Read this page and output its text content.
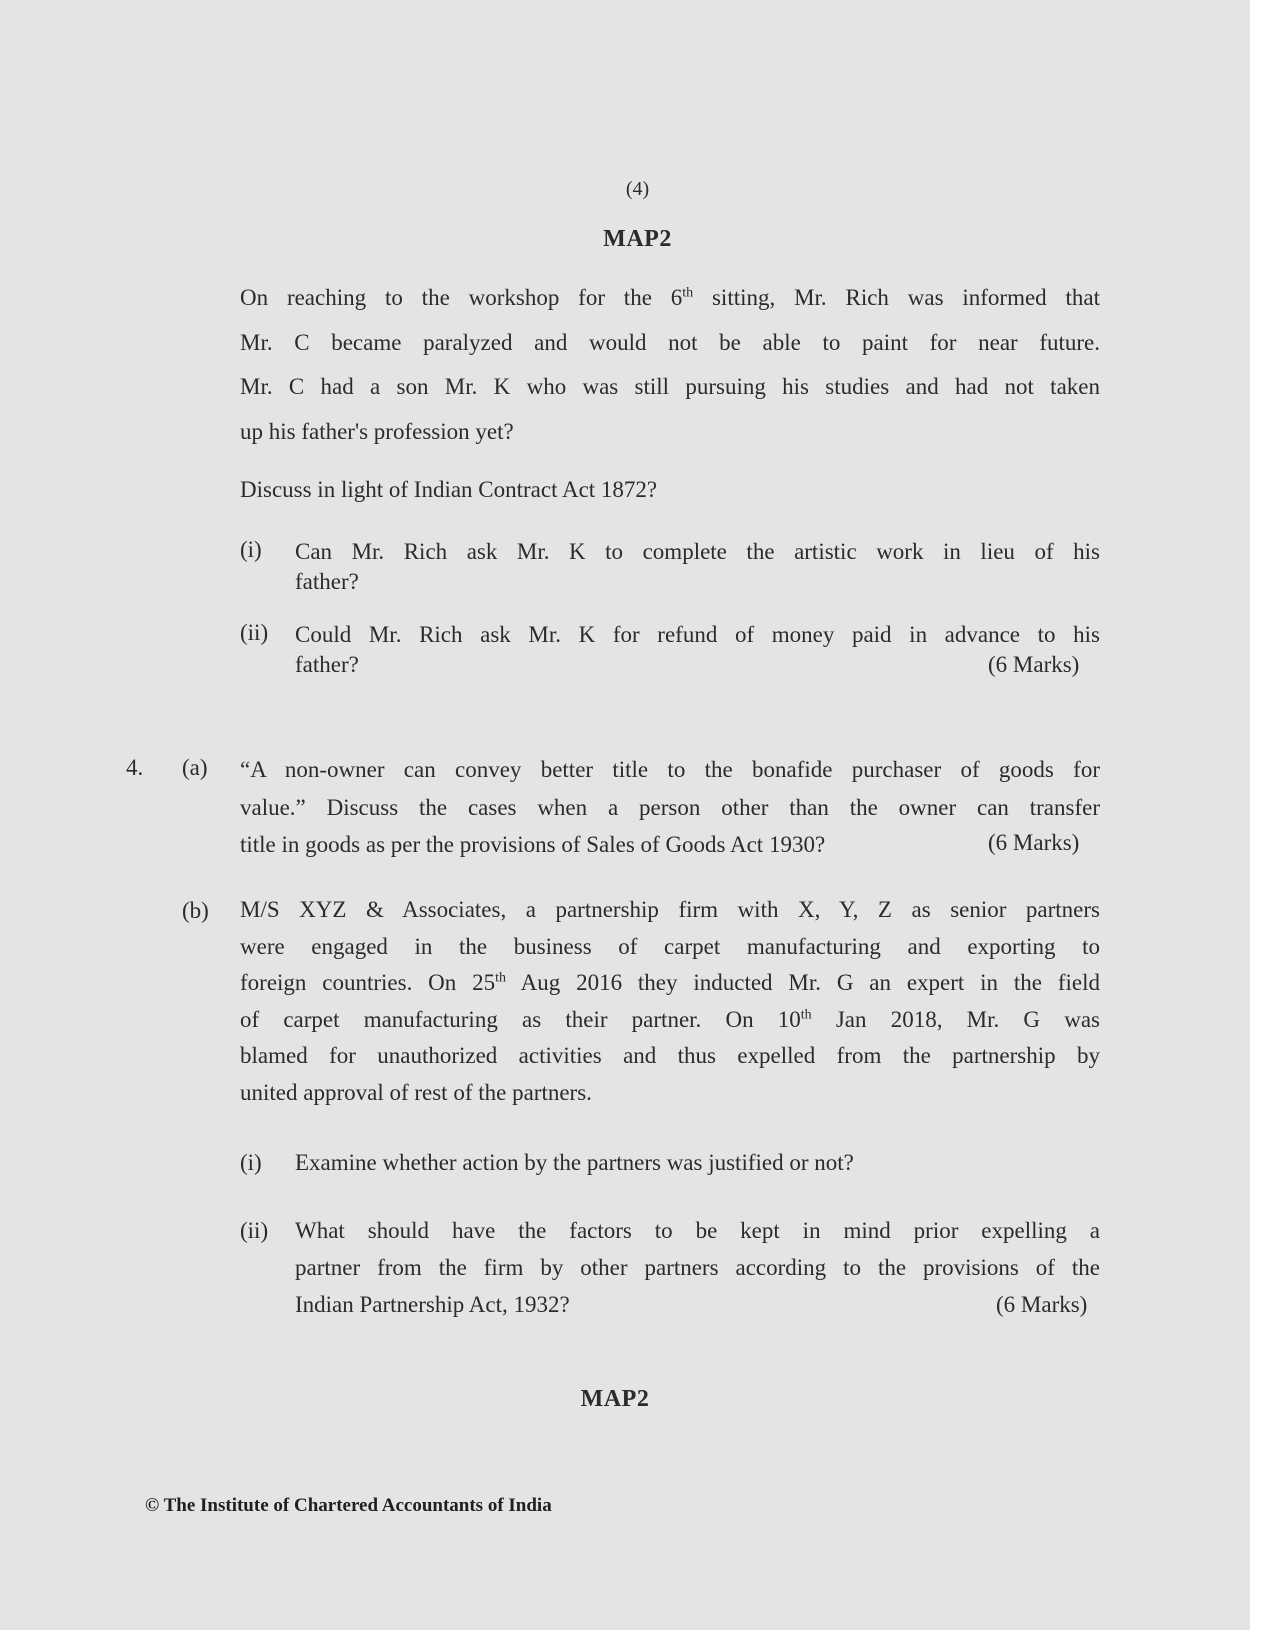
(4)
MAP2
On reaching to the workshop for the 6th sitting, Mr. Rich was informed that
Mr. C became paralyzed and would not be able to paint for near future.
Mr. C had a son Mr. K who was still pursuing his studies and had not taken
up his father's profession yet?
Discuss in light of Indian Contract Act 1872?
(i) Can Mr. Rich ask Mr. K to complete the artistic work in lieu of his
father?
(ii) Could Mr. Rich ask Mr. K for refund of money paid in advance to his
father?	(6 Marks)
4. (a) “A non-owner can convey better title to the bonafide purchaser of goods for
value.” Discuss the cases when a person other than the owner can transfer
title in goods as per the provisions of Sales of Goods Act 1930?	(6 Marks)
(b) M/S XYZ & Associates, a partnership firm with X, Y, Z as senior partners
were engaged in the business of carpet manufacturing and exporting to
foreign countries. On 25th Aug 2016 they inducted Mr. G an expert in the field
of carpet manufacturing as their partner. On 10th Jan 2018, Mr. G was
blamed for unauthorized activities and thus expelled from the partnership by
united approval of rest of the partners.
(i) Examine whether action by the partners was justified or not?
(ii) What should have the factors to be kept in mind prior expelling a
partner from the firm by other partners according to the provisions of the
Indian Partnership Act, 1932?	(6 Marks)
MAP2
© The Institute of Chartered Accountants of India
